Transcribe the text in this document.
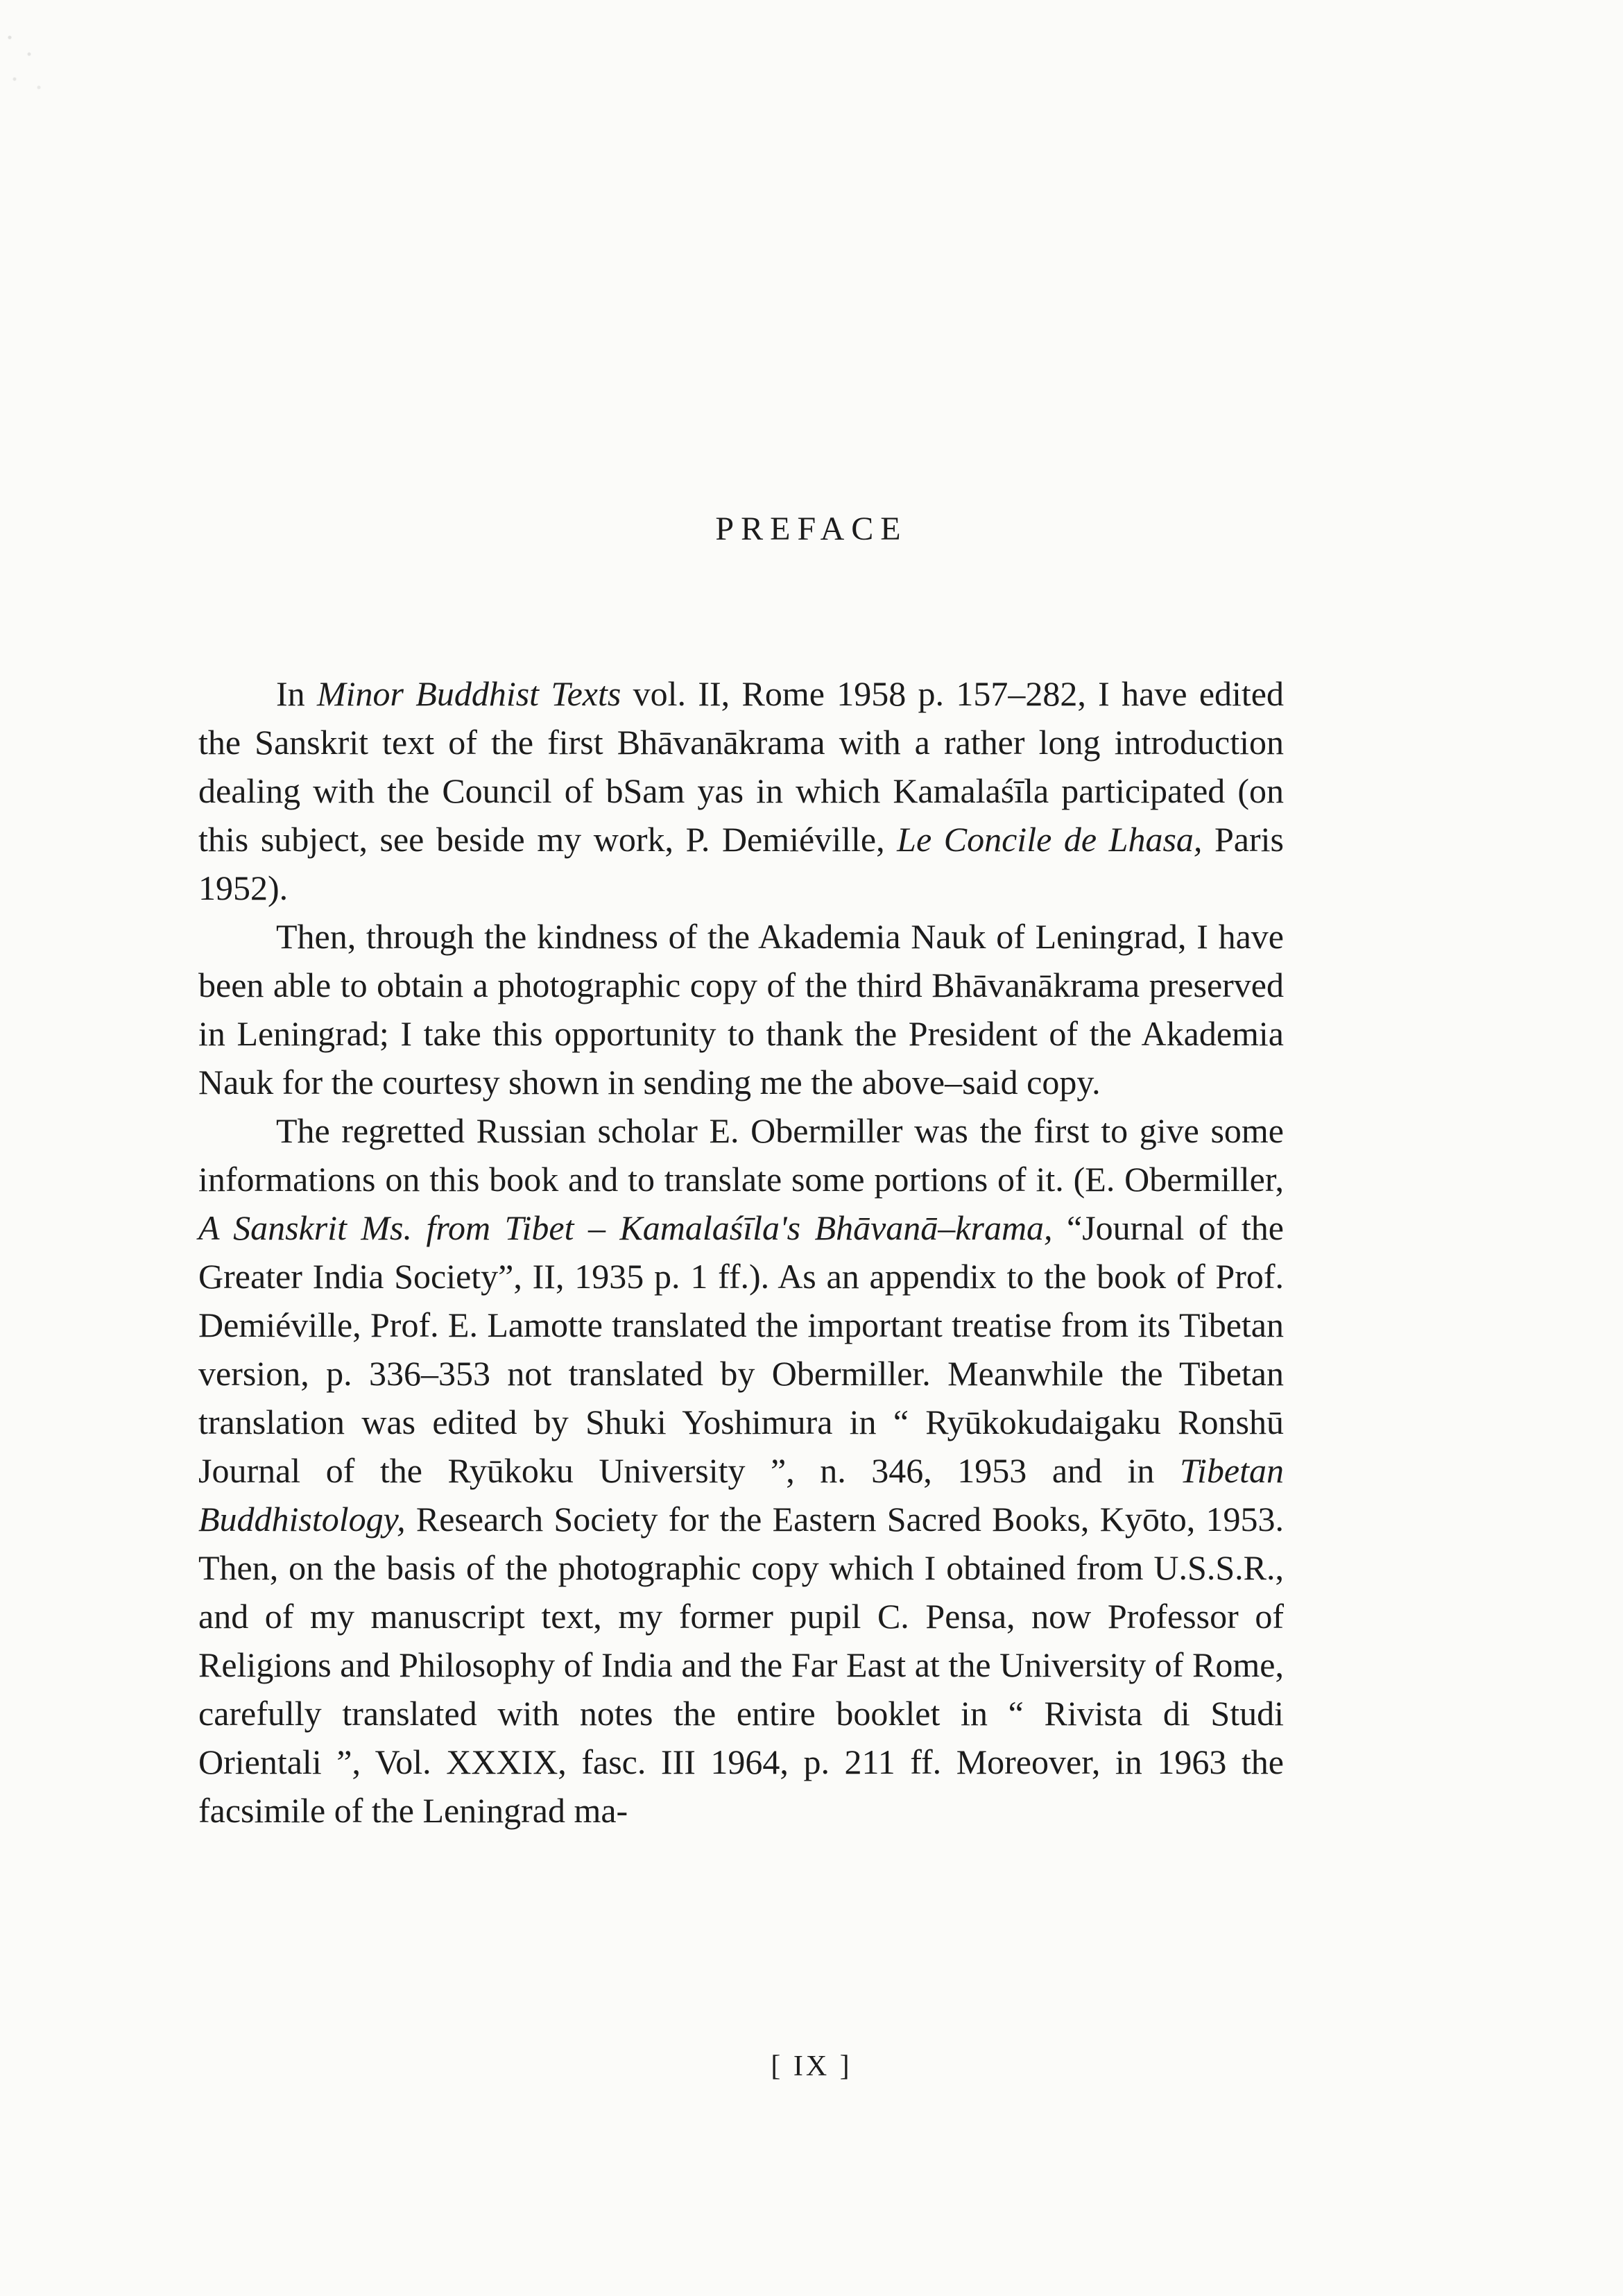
PREFACE

In Minor Buddhist Texts vol. II, Rome 1958 p. 157–282, I have edited the Sanskrit text of the first Bhāvanākrama with a rather long introduction dealing with the Council of bSam yas in which Kamalaśīla participated (on this subject, see beside my work, P. Demiéville, Le Concile de Lhasa, Paris 1952).

Then, through the kindness of the Akademia Nauk of Leningrad, I have been able to obtain a photographic copy of the third Bhāvanākrama preserved in Leningrad; I take this opportunity to thank the President of the Akademia Nauk for the courtesy shown in sending me the above–said copy.

The regretted Russian scholar E. Obermiller was the first to give some informations on this book and to translate some portions of it. (E. Obermiller, A Sanskrit Ms. from Tibet – Kamalaśīla's Bhāvanā–krama, “Journal of the Greater India Society”, II, 1935 p. 1 ff.). As an appendix to the book of Prof. Demiéville, Prof. E. Lamotte translated the important treatise from its Tibetan version, p. 336–353 not translated by Obermiller. Meanwhile the Tibetan translation was edited by Shuki Yoshimura in “ Ryūkokudaigaku Ronshū Journal of the Ryūkoku University ”, n. 346, 1953 and in Tibetan Buddhistology, Research Society for the Eastern Sacred Books, Kyōto, 1953. Then, on the basis of the photographic copy which I obtained from U.S.S.R., and of my manuscript text, my former pupil C. Pensa, now Professor of Religions and Philosophy of India and the Far East at the University of Rome, carefully translated with notes the entire booklet in “ Rivista di Studi Orientali ”, Vol. XXXIX, fasc. III 1964, p. 211 ff. Moreover, in 1963 the facsimile of the Leningrad ma-

[ IX ]
